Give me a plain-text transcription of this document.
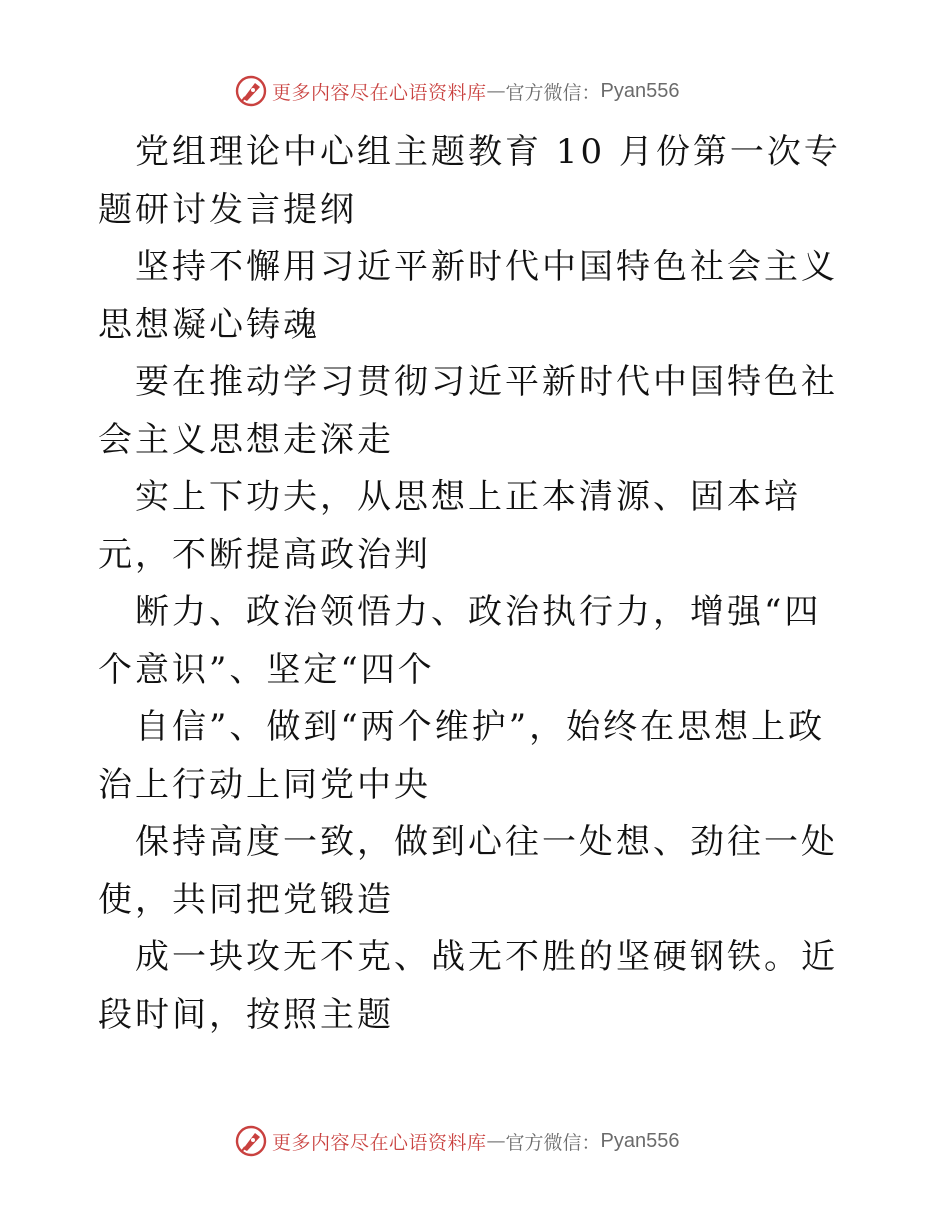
更多内容尽在心语资料库 — 官方微信： Pyan556

党组理论中心组主题教育 10 月份第一次专题研讨发言提纲

坚持不懈用习近平新时代中国特色社会主义思想凝心铸魂

要在推动学习贯彻习近平新时代中国特色社会主义思想走深走

实上下功夫，从思想上正本清源、固本培元，不断提高政治判

断力、政治领悟力、政治执行力，增强“四个意识”、坚定“四个

自信”、做到“两个维护”，始终在思想上政治上行动上同党中央

保持高度一致，做到心往一处想、劲往一处使，共同把党锻造

成一块攻无不克、战无不胜的坚硬钢铁。近段时间，按照主题

更多内容尽在心语资料库 — 官方微信： Pyan556
